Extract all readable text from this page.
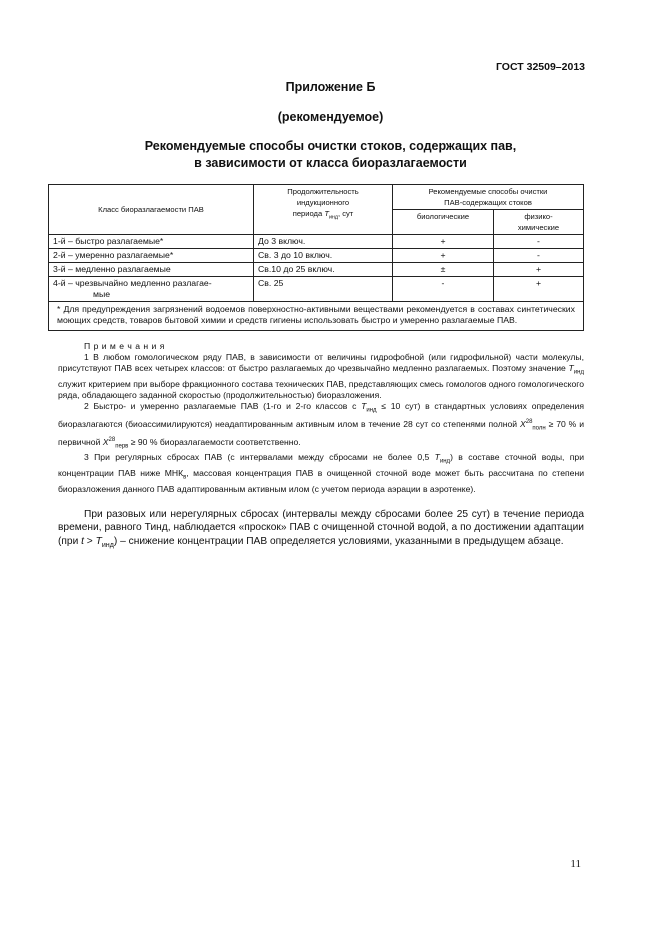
ГОСТ 32509–2013
Приложение Б
(рекомендуемое)
Рекомендуемые способы очистки стоков, содержащих пав,
в зависимости от класса биоразлагаемости
Класс биоразлагаемости ПАВ	Продолжительность
индукционного
периода $T_{инд}$, сут	Рекомендуемые способы очистки
ПАВ-содержащих стоков	
		биологические	физико-
химические
1-й – быстро разлагаемые*	До 3 включ.	+	-
2-й – умеренно разлагаемые*	Св. 3 до 10 включ.	+	-
3-й – медленно разлагаемые	Св.10 до 25 включ.	±	+
4-й – чрезвычайно медленно разлагае-
мые	Св. 25	-	+
* Для предупреждения загрязнений водоемов поверхностно-активными веществами рекомендуется в составах синтетических моющих средств, товаров бытовой химии и средств гигиены использовать быстро и умеренно разлагаемые ПАВ.			

П р и м е ч а н и я

1 В любом гомологическом ряду ПАВ, в зависимости от величины гидрофобной (или гидрофильной) части молекулы, присутствуют ПАВ всех четырех классов: от быстро разлагаемых до чрезвычайно медленно разлагаемых. Поэтому значение $T_{инд}$ служит критерием при выборе фракционного состава технических ПАВ, представляющих смесь гомологов одного гомологического ряда, обладающего заданной скоростью (продолжительностью) биоразложения.

2 Быстро- и умеренно разлагаемые ПАВ (1-го и 2-го классов с $T_{инд} \le 10$ сут) в стандартных условиях определения биоразлагаются (биоассимилируются) неадаптированным активным илом в течение 28 сут со степенями полной $X^{28}_{полн} \ge 70$ % и первичной $X^{28}_{перв} \ge 90$ % биоразлагаемости соответственно.

3 При регулярных сбросах ПАВ (с интервалами между сбросами не более 0,5 $T_{инд}$) в составе сточной воды, при концентрации ПАВ ниже $МНК_в$, массовая концентрация ПАВ в очищенной сточной воде может быть рассчитана по степени биоразложения данного ПАВ адаптированным активным илом (с учетом периода аэрации в аэротенке).

При разовых или нерегулярных сбросах (интервалы между сбросами более 25 сут) в течение периода времени, равного Тинд, наблюдается «проскок» ПАВ с очищенной сточной водой, а по достижении адаптации (при $t > T_{инд}$) – снижение концентрации ПАВ определяется условиями, указанными в предыдущем абзаце.

11
